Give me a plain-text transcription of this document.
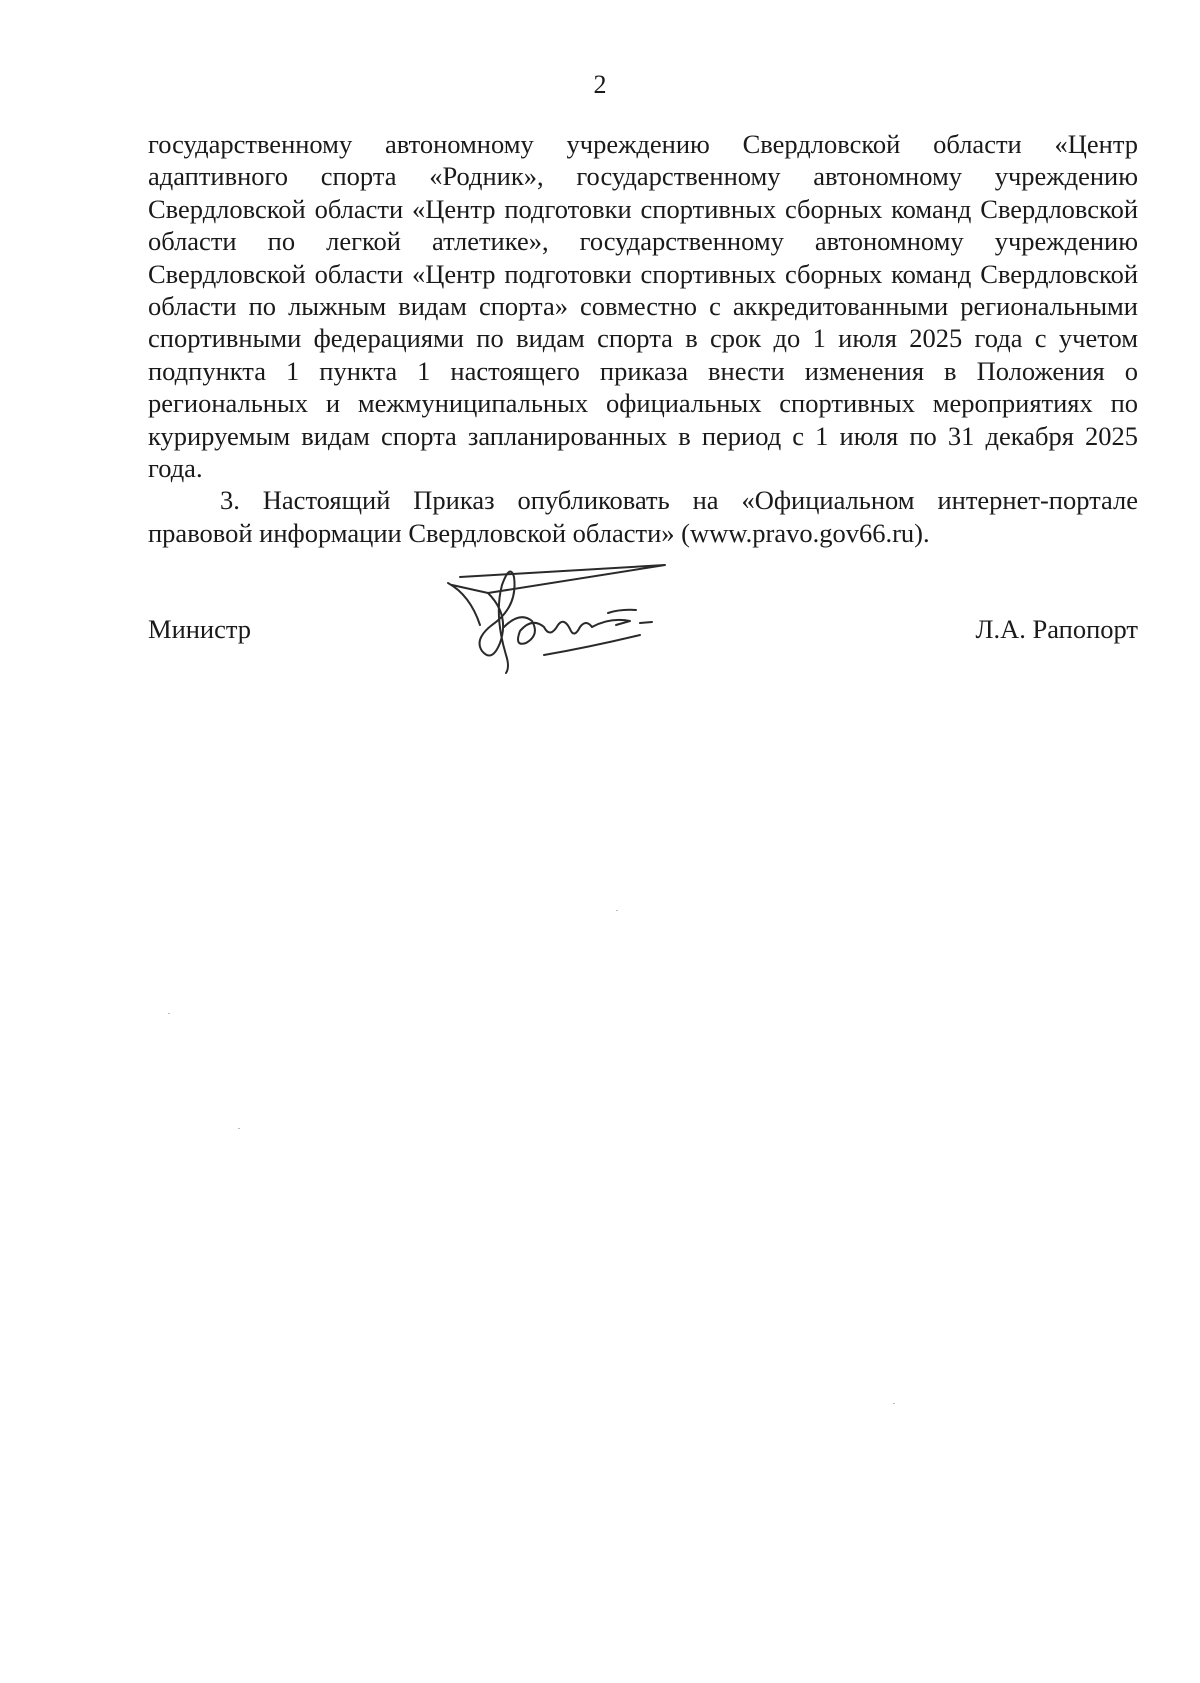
2

государственному автономному учреждению Свердловской области «Центр адаптивного спорта «Родник», государственному автономному учреждению Свердловской области «Центр подготовки спортивных сборных команд Свердловской области по легкой атлетике», государственному автономному учреждению Свердловской области «Центр подготовки спортивных сборных команд Свердловской области по лыжным видам спорта» совместно с аккредитованными региональными спортивными федерациями по видам спорта в срок до 1 июля 2025 года с учетом подпункта 1 пункта 1 настоящего приказа внести изменения в Положения о региональных и межмуниципальных официальных спортивных мероприятиях по курируемым видам спорта запланированных в период с 1 июля по 31 декабря 2025 года.

3. Настоящий Приказ опубликовать на «Официальном интернет-портале правовой информации Свердловской области» (www.pravo.gov66.ru).

Министр	Л.А. Рапопорт
